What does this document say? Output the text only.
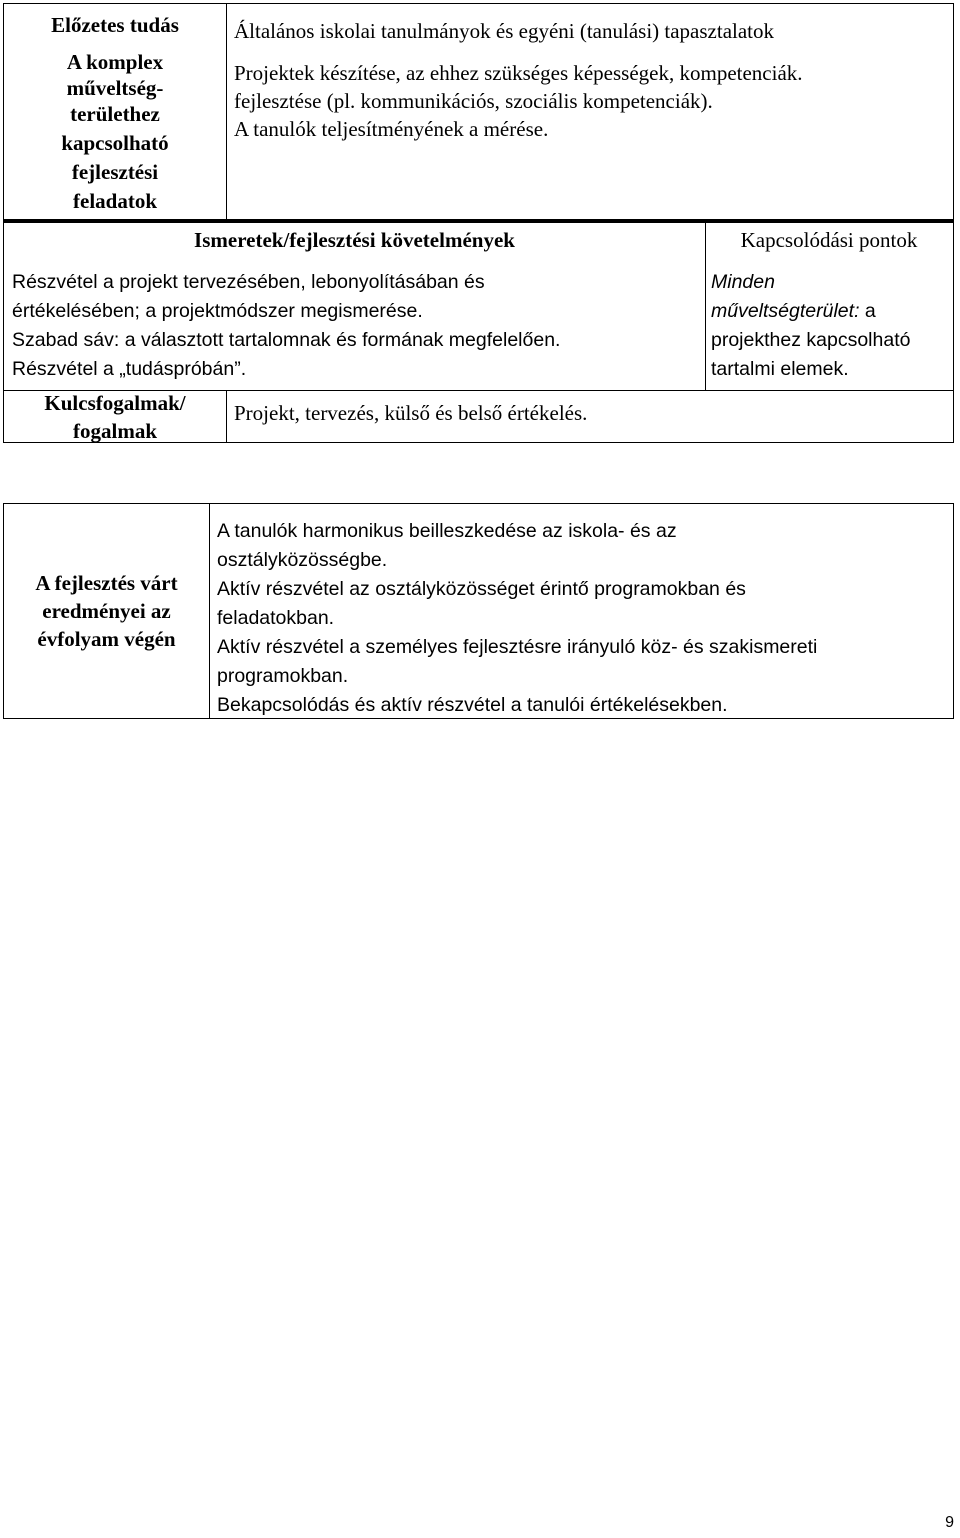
Előzetes tudás	Általános iskolai tanulmányok és egyéni (tanulási) tapasztalatok
A komplex
műveltség-
területhez
kapcsolható
fejlesztési
feladatok
Projektek készítése, az ehhez szükséges képességek, kompetenciák.
fejlesztése (pl. kommunikációs, szociális kompetenciák).
A tanulók teljesítményének a mérése.
Ismeretek/fejlesztési követelmények	Kapcsolódási pontok
Részvétel a projekt tervezésében, lebonyolításában és
értékelésében; a projektmódszer megismerése.
Szabad sáv: a választott tartalomnak és formának megfelelően.
Részvétel a „tudáspróbán”.
Minden
műveltségterület: a
projekthez kapcsolható
tartalmi elemek.
Kulcsfogalmak/
fogalmak
Projekt, tervezés, külső és belső értékelés.
A fejlesztés várt
eredményei az
évfolyam végén
A tanulók harmonikus beilleszkedése az iskola- és az
osztályközösségbe.
Aktív részvétel az osztályközösséget érintő programokban és
feladatokban.
Aktív részvétel a személyes fejlesztésre irányuló köz- és szakismereti
programokban.
Bekapcsolódás és aktív részvétel a tanulói értékelésekben.
9
